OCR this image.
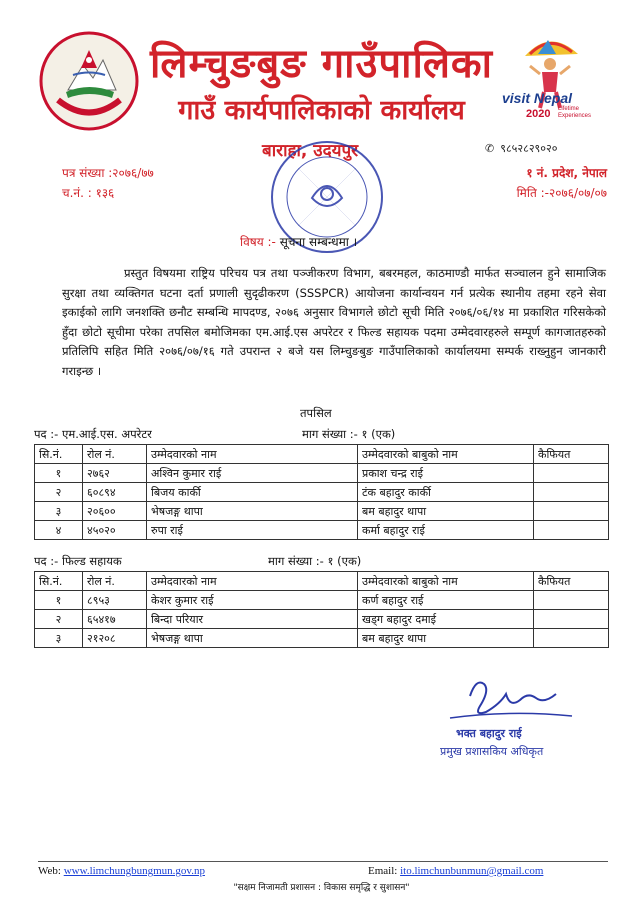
visit Nepal
2020 Lifetime Experiences
लिम्चुङबुङ गाउँपालिका
गाउँ कार्यपालिकाको कार्यालय
बाराहा, उदयपुर	✆ ९८५२८२९०२०
पत्र संख्या :२०७६/७७
च.नं. : १३६
१ नं. प्रदेश, नेपाल
मिति :-२०७६/०७/०७
विषय :- सूचना सम्बन्धमा ।
प्रस्तुत विषयमा राष्ट्रिय परिचय पत्र तथा पञ्जीकरण विभाग, बबरमहल, काठमाण्डौ मार्फत सञ्चालन हुने सामाजिक सुरक्षा तथा व्यक्तिगत घटना दर्ता प्रणाली सुदृढीकरण (SSSPCR) आयोजना कार्यान्वयन गर्न प्रत्येक स्थानीय तहमा रहने सेवा इकाईको लागि जनशक्ति छनौट सम्बन्धि मापदण्ड, २०७६ अनुसार विभागले छोटो सूची मिति २०७६/०६/१४ मा प्रकाशित गरिसकेको हुँदा छोटो सूचीमा परेका तपसिल बमोजिमका एम.आई.एस अपरेटर र फिल्ड सहायक पदमा उम्मेदवारहरुले सम्पूर्ण कागजातहरुको प्रतिलिपि सहित मिति २०७६/०७/१६ गते उपरान्त २ बजे यस लिम्चुङबुङ गाउँपालिकाको कार्यालयमा सम्पर्क राख्नुहुन जानकारी गराइन्छ ।
तपसिल
पद :- एम.आई.एस. अपरेटर	माग संख्या :- १ (एक)
सि.नं.	रोल नं.	उम्मेदवारको नाम	उम्मेदवारको बाबुको नाम	कैफियत
१	२७६२	अश्विन कुमार राई	प्रकाश चन्द्र राई	
२	६०८९४	बिजय कार्की	टंक बहादुर कार्की	
३	२०६००	भेषजङ्ग थापा	बम बहादुर थापा	
४	४५०२०	रुपा राई	कर्मा बहादुर राई	
पद :- फिल्ड सहायक	माग संख्या :- १ (एक)
सि.नं.	रोल नं.	उम्मेदवारको नाम	उम्मेदवारको बाबुको नाम	कैफियत
१	८९५३	केशर कुमार राई	कर्ण बहादुर राई	
२	६५४१७	बिन्दा परियार	खड्ग बहादुर दमाई	
३	२१२०८	भेषजङ्ग थापा	बम बहादुर थापा	
भक्त बहादुर राई
प्रमुख प्रशासकिय अधिकृत
Web: www.limchungbungmun.gov.np	Email: ito.limchunbunmun@gmail.com
"सक्षम निजामती प्रशासन : विकास समृद्धि र सुशासन"
